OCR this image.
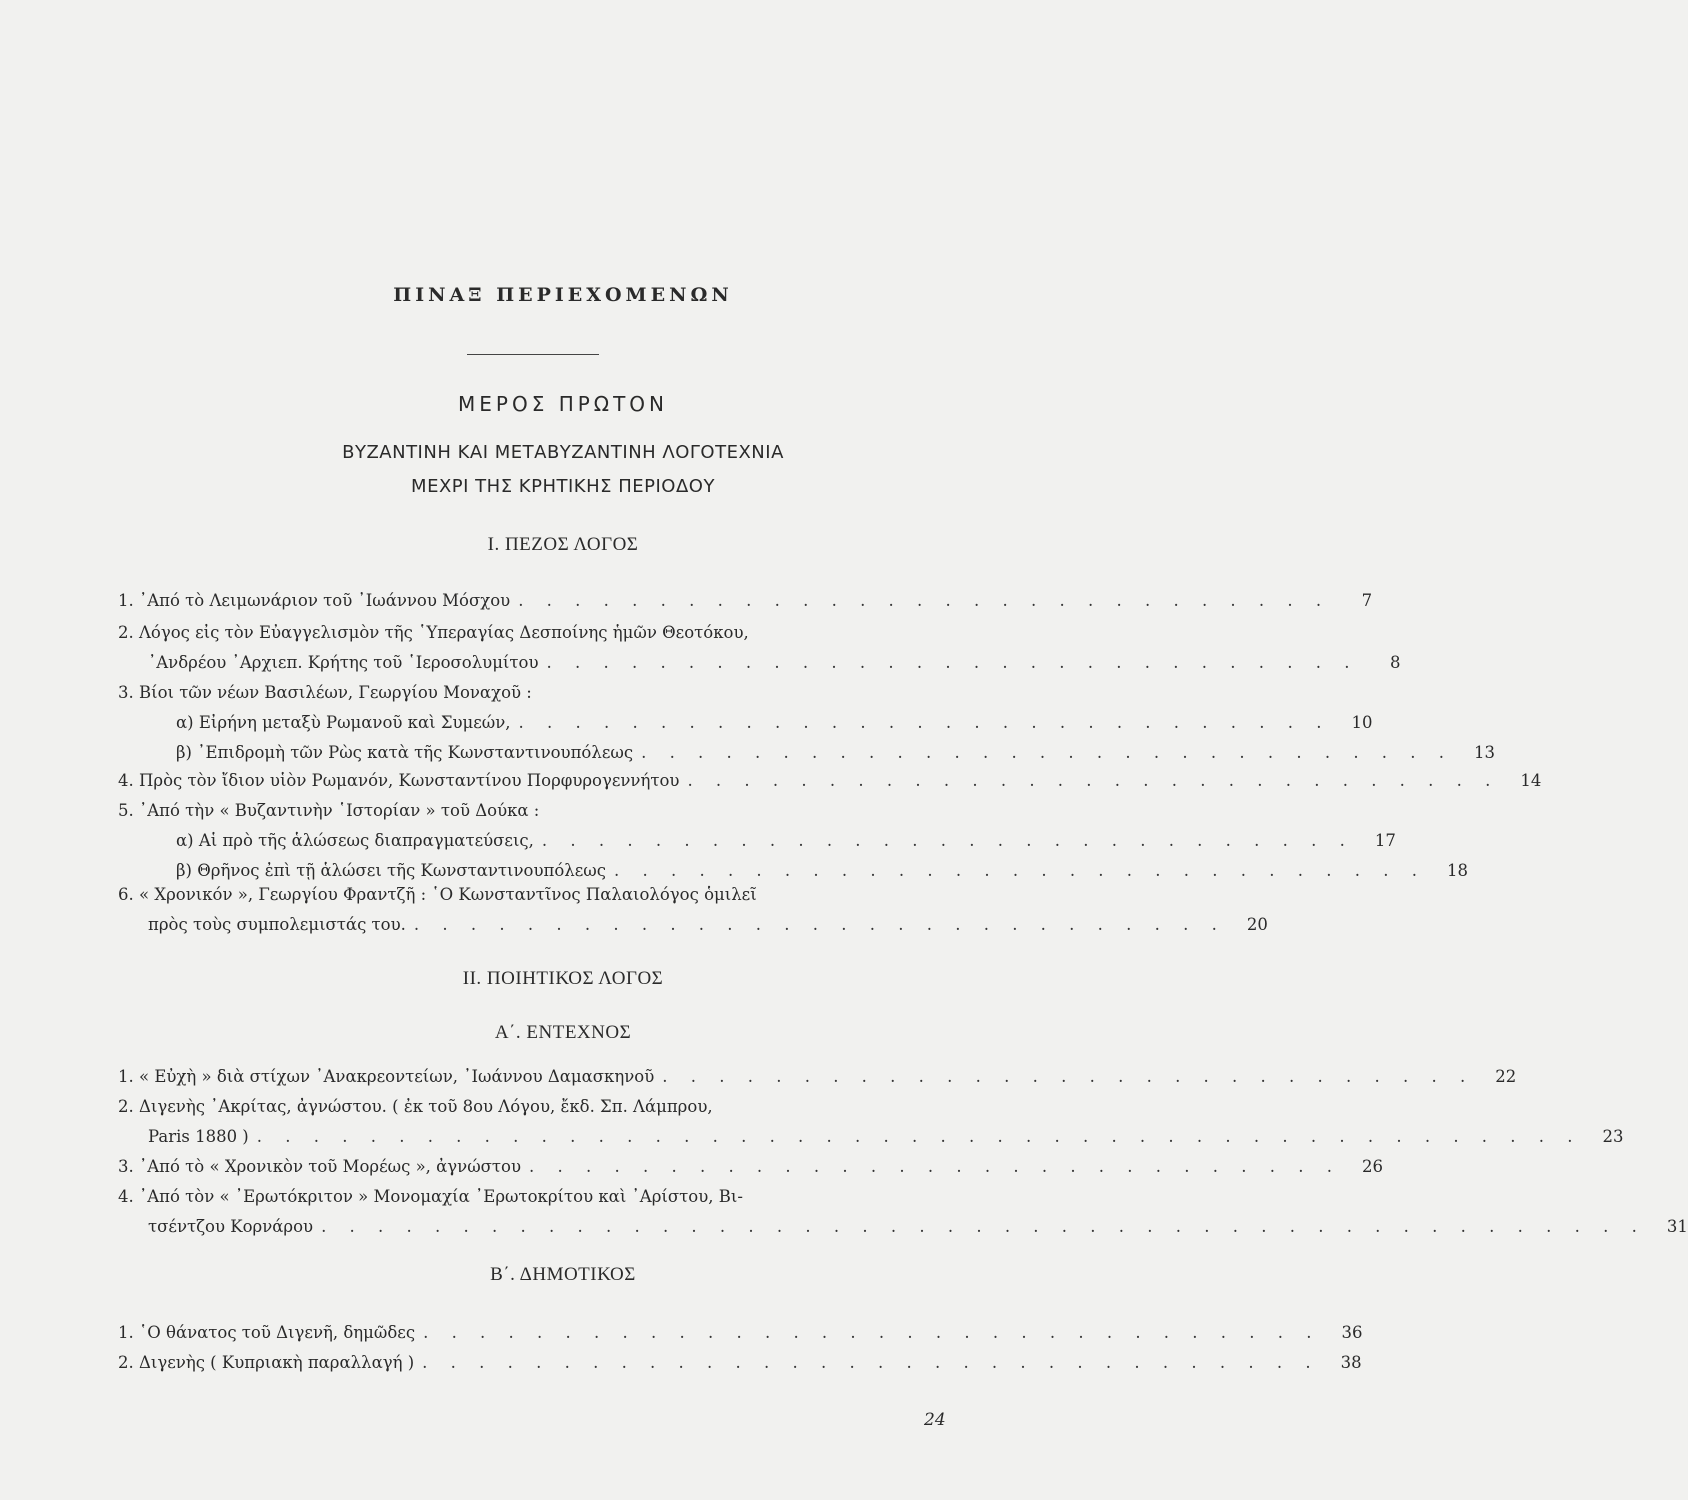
ΠΙΝΑΞ ΠΕΡΙΕΧΟΜΕΝΩΝ
ΜΕΡΟΣ ΠΡΩΤΟΝ
ΒΥΖΑΝΤΙΝΗ ΚΑΙ ΜΕΤΑΒΥΖΑΝΤΙΝΗ ΛΟΓΟΤΕΧΝΙΑ
ΜΕΧΡΙ ΤΗΣ ΚΡΗΤΙΚΗΣ ΠΕΡΙΟΔΟΥ
Ι. ΠΕΖΟΣ ΛΟΓΟΣ
1. ᾿Από τὸ Λειμωνάριον τοῦ ᾿Ιωάννου Μόσχου . . . . . . . . . . . . . . . . . . . . . . . . . . . . .	7
2. Λόγος εἰς τὸν Εὐαγγελισμὸν τῆς ῾Υπεραγίας Δεσποίνης ἡμῶν Θεοτόκου,
᾿Ανδρέου ᾿Αρχιεπ. Κρήτης τοῦ ῾Ιεροσολυμίτου . . . . . . . . . . . . . . . . . . . . . . . . . . . . .	8
3. Βίοι τῶν νέων Βασιλέων, Γεωργίου Μοναχοῦ :
α) Εἰρήνη μεταξὺ Ρωμανοῦ καὶ Συμεών, . . . . . . . . . . . . . . . . . . . . . . . . . . . . .	10
β) ᾿Επιδρομὴ τῶν Ρὼς κατὰ τῆς Κωνσταντινουπόλεως . . . . . . . . . . . . . . . . . . . . . . . . . . . . .	13
4. Πρὸς τὸν ἴδιον υἱὸν Ρωμανόν, Κωνσταντίνου Πορφυρογεννήτου . . . . . . . . . . . . . . . . . . . . . . . . . . . . .	14
5. ᾿Από τὴν « Βυζαντινὴν ῾Ιστορίαν » τοῦ Δούκα :
α) Αἱ πρὸ τῆς ἁλώσεως διαπραγματεύσεις, . . . . . . . . . . . . . . . . . . . . . . . . . . . . .	17
β) Θρῆνος ἐπὶ τῇ ἁλώσει τῆς Κωνσταντινουπόλεως . . . . . . . . . . . . . . . . . . . . . . . . . . . . .	18
6. « Χρονικόν », Γεωργίου Φραντζῆ : ῾Ο Κωνσταντῖνος Παλαιολόγος ὁμιλεῖ
πρὸς τοὺς συμπολεμιστάς του. . . . . . . . . . . . . . . . . . . . . . . . . . . . . .	20
ΙΙ. ΠΟΙΗΤΙΚΟΣ ΛΟΓΟΣ
Α΄. ΕΝΤΕΧΝΟΣ
1. « Εὐχὴ » διὰ στίχων ᾿Ανακρεοντείων, ᾿Ιωάννου Δαμασκηνοῦ . . . . . . . . . . . . . . . . . . . . . . . . . . . . .	22
2. Διγενὴς ᾿Ακρίτας, ἀγνώστου. ( ἐκ τοῦ 8ου Λόγου, ἔκδ. Σπ. Λάμπρου,
Paris 1880 ) . . . . . . . . . . . . . . . . . . . . . . . . . . . . . . . . . . . . . . . . . . . . . . .	23
3. ᾿Από τὸ « Χρονικὸν τοῦ Μορέως », ἀγνώστου . . . . . . . . . . . . . . . . . . . . . . . . . . . . .	26
4. ᾿Από τὸν « ᾿Ερωτόκριτον » Μονομαχία ᾿Ερωτοκρίτου καὶ ᾿Αρίστου, Βι-
τσέντζου Κορνάρου . . . . . . . . . . . . . . . . . . . . . . . . . . . . . . . . . . . . . . . . . . . . . . .	31
Β΄. ΔΗΜΟΤΙΚΟΣ
1. ῾Ο θάνατος τοῦ Διγενῆ, δημῶδες . . . . . . . . . . . . . . . . . . . . . . . . . . . . . . . .	36
2. Διγενὴς ( Κυπριακὴ παραλλαγή ) . . . . . . . . . . . . . . . . . . . . . . . . . . . . . . . .	38
24
